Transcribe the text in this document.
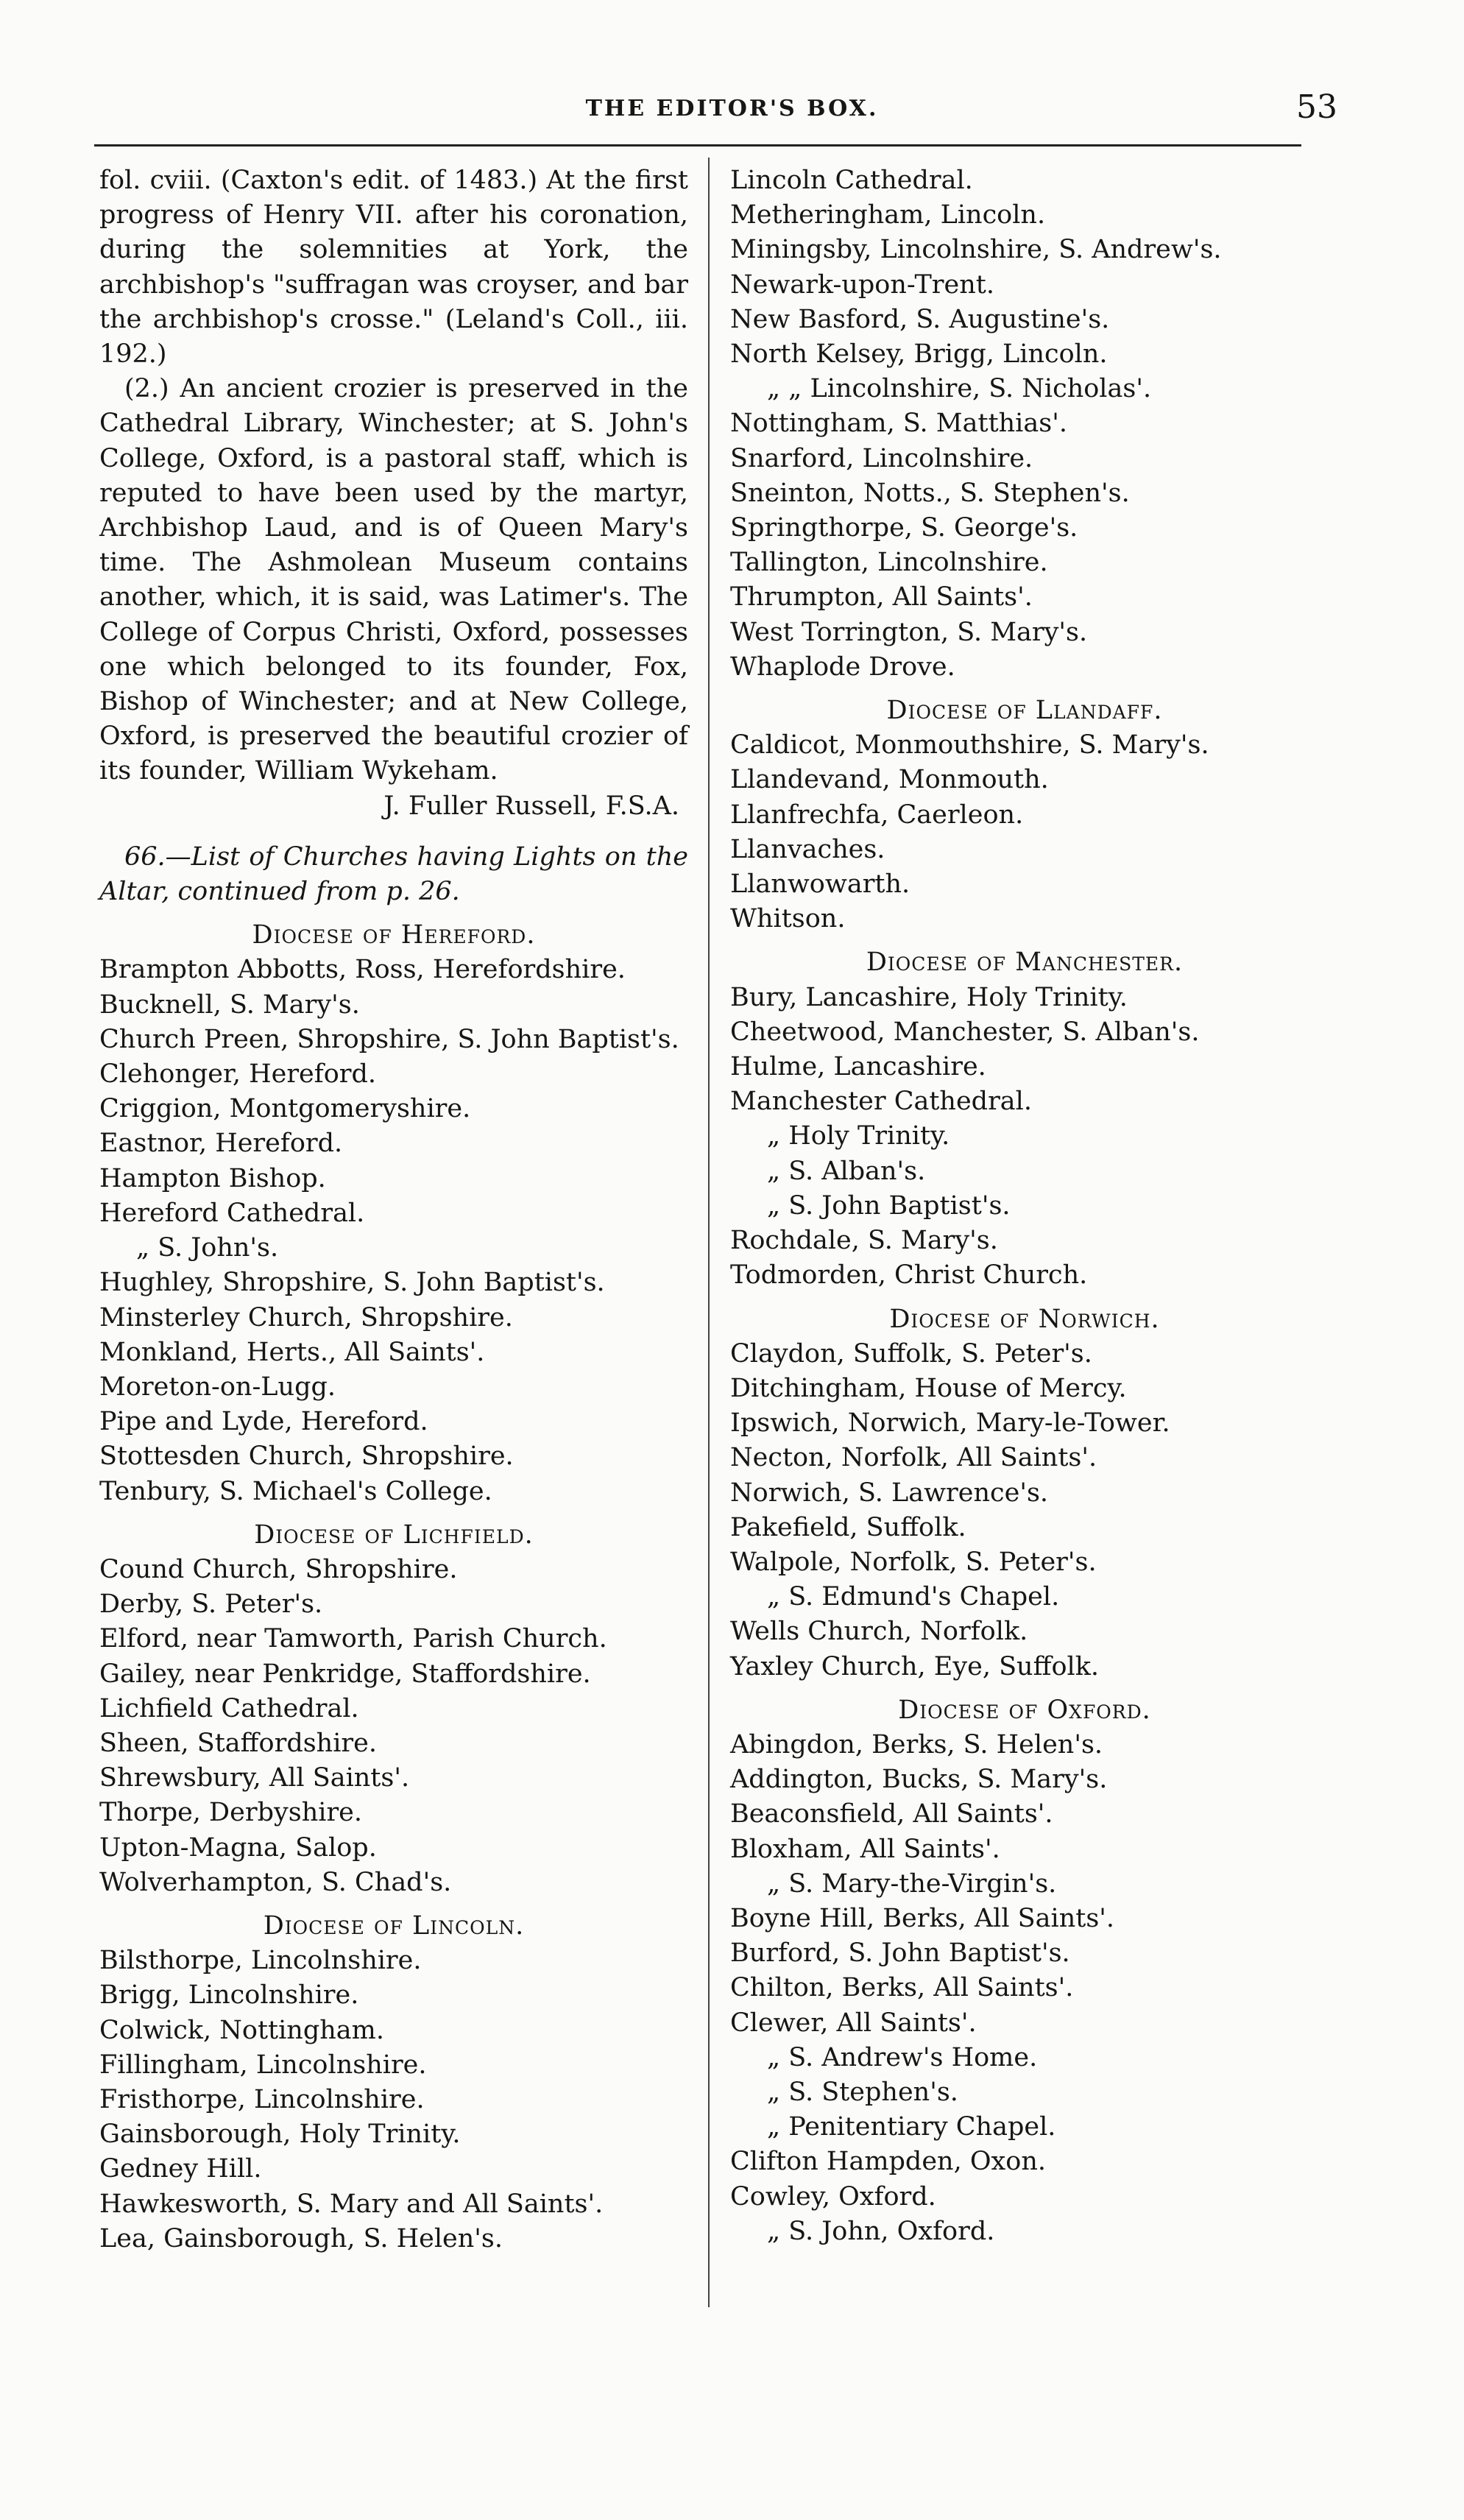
THE EDITOR'S BOX.	53

fol. cviii. (Caxton's edit. of 1483.) At the first progress of Henry VII. after his coronation, during the solemnities at York, the archbishop's "suffragan was croyser, and bar the archbishop's crosse." (Leland's Coll., iii. 192.)

(2.) An ancient crozier is preserved in the Cathedral Library, Winchester; at S. John's College, Oxford, is a pastoral staff, which is reputed to have been used by the martyr, Archbishop Laud, and is of Queen Mary's time. The Ashmolean Museum contains another, which, it is said, was Latimer's. The College of Corpus Christi, Oxford, possesses one which belonged to its founder, Fox, Bishop of Winchester; and at New College, Oxford, is preserved the beautiful crozier of its founder, William Wykeham.

J. Fuller Russell, F.S.A.
66.—List of Churches having Lights on the Altar, continued from p. 26.
Diocese of Hereford.
Brampton Abbotts, Ross, Herefordshire.
Bucknell, S. Mary's.
Church Preen, Shropshire, S. John Baptist's.
Clehonger, Hereford.
Criggion, Montgomeryshire.
Eastnor, Hereford.
Hampton Bishop.
Hereford Cathedral.
„ S. John's.
Hughley, Shropshire, S. John Baptist's.
Minsterley Church, Shropshire.
Monkland, Herts., All Saints'.
Moreton-on-Lugg.
Pipe and Lyde, Hereford.
Stottesden Church, Shropshire.
Tenbury, S. Michael's College.
Diocese of Lichfield.
Cound Church, Shropshire.
Derby, S. Peter's.
Elford, near Tamworth, Parish Church.
Gailey, near Penkridge, Staffordshire.
Lichfield Cathedral.
Sheen, Staffordshire.
Shrewsbury, All Saints'.
Thorpe, Derbyshire.
Upton-Magna, Salop.
Wolverhampton, S. Chad's.
Diocese of Lincoln.
Bilsthorpe, Lincolnshire.
Brigg, Lincolnshire.
Colwick, Nottingham.
Fillingham, Lincolnshire.
Fristhorpe, Lincolnshire.
Gainsborough, Holy Trinity.
Gedney Hill.
Hawkesworth, S. Mary and All Saints'.
Lea, Gainsborough, S. Helen's.
Lincoln Cathedral.
Metheringham, Lincoln.
Miningsby, Lincolnshire, S. Andrew's.
Newark-upon-Trent.
New Basford, S. Augustine's.
North Kelsey, Brigg, Lincoln.
„ „ Lincolnshire, S. Nicholas'.
Nottingham, S. Matthias'.
Snarford, Lincolnshire.
Sneinton, Notts., S. Stephen's.
Springthorpe, S. George's.
Tallington, Lincolnshire.
Thrumpton, All Saints'.
West Torrington, S. Mary's.
Whaplode Drove.
Diocese of Llandaff.
Caldicot, Monmouthshire, S. Mary's.
Llandevand, Monmouth.
Llanfrechfa, Caerleon.
Llanvaches.
Llanwowarth.
Whitson.
Diocese of Manchester.
Bury, Lancashire, Holy Trinity.
Cheetwood, Manchester, S. Alban's.
Hulme, Lancashire.
Manchester Cathedral.
„ Holy Trinity.
„ S. Alban's.
„ S. John Baptist's.
Rochdale, S. Mary's.
Todmorden, Christ Church.
Diocese of Norwich.
Claydon, Suffolk, S. Peter's.
Ditchingham, House of Mercy.
Ipswich, Norwich, Mary-le-Tower.
Necton, Norfolk, All Saints'.
Norwich, S. Lawrence's.
Pakefield, Suffolk.
Walpole, Norfolk, S. Peter's.
„ S. Edmund's Chapel.
Wells Church, Norfolk.
Yaxley Church, Eye, Suffolk.
Diocese of Oxford.
Abingdon, Berks, S. Helen's.
Addington, Bucks, S. Mary's.
Beaconsfield, All Saints'.
Bloxham, All Saints'.
„ S. Mary-the-Virgin's.
Boyne Hill, Berks, All Saints'.
Burford, S. John Baptist's.
Chilton, Berks, All Saints'.
Clewer, All Saints'.
„ S. Andrew's Home.
„ S. Stephen's.
„ Penitentiary Chapel.
Clifton Hampden, Oxon.
Cowley, Oxford.
„ S. John, Oxford.
